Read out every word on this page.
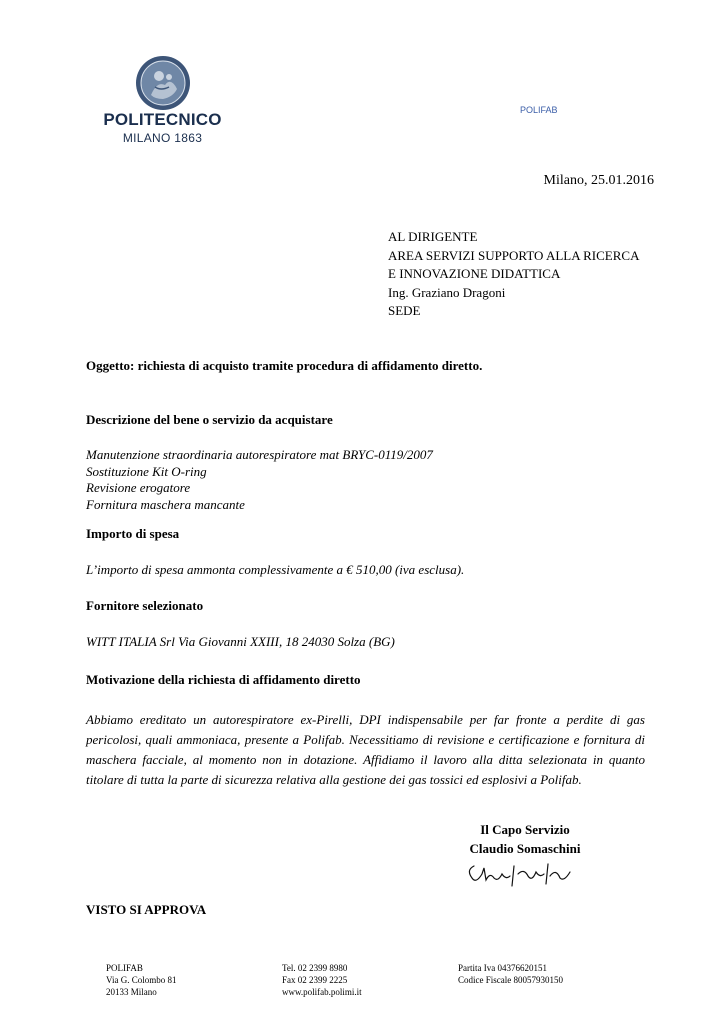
POLITECNICO
MILANO 1863
POLIFAB
Milano, 25.01.2016
AL DIRIGENTE
AREA SERVIZI SUPPORTO ALLA RICERCA
E INNOVAZIONE DIDATTICA
Ing. Graziano Dragoni
SEDE
Oggetto: richiesta di acquisto tramite procedura di affidamento diretto.
Descrizione del bene o servizio da acquistare
Manutenzione straordinaria autorespiratore mat BRYC-0119/2007
Sostituzione Kit O-ring
Revisione erogatore
Fornitura maschera mancante
Importo di spesa
L’importo di spesa ammonta complessivamente a € 510,00 (iva esclusa).
Fornitore selezionato
WITT ITALIA Srl Via Giovanni XXIII, 18 24030 Solza (BG)
Motivazione della richiesta di affidamento diretto
Abbiamo ereditato un autorespiratore ex-Pirelli, DPI indispensabile per far fronte a perdite di gas pericolosi, quali ammoniaca, presente a Polifab. Necessitiamo di revisione e certificazione e fornitura di maschera facciale, al momento non in dotazione. Affidiamo il lavoro alla ditta selezionata in quanto titolare di tutta la parte di sicurezza relativa alla gestione dei gas tossici ed esplosivi a Polifab.
Il Capo Servizio
Claudio Somaschini
VISTO SI APPROVA
POLIFAB
Via G. Colombo 81
20133 Milano
Tel. 02 2399 8980
Fax 02 2399 2225
www.polifab.polimi.it
Partita Iva 04376620151
Codice Fiscale 80057930150
